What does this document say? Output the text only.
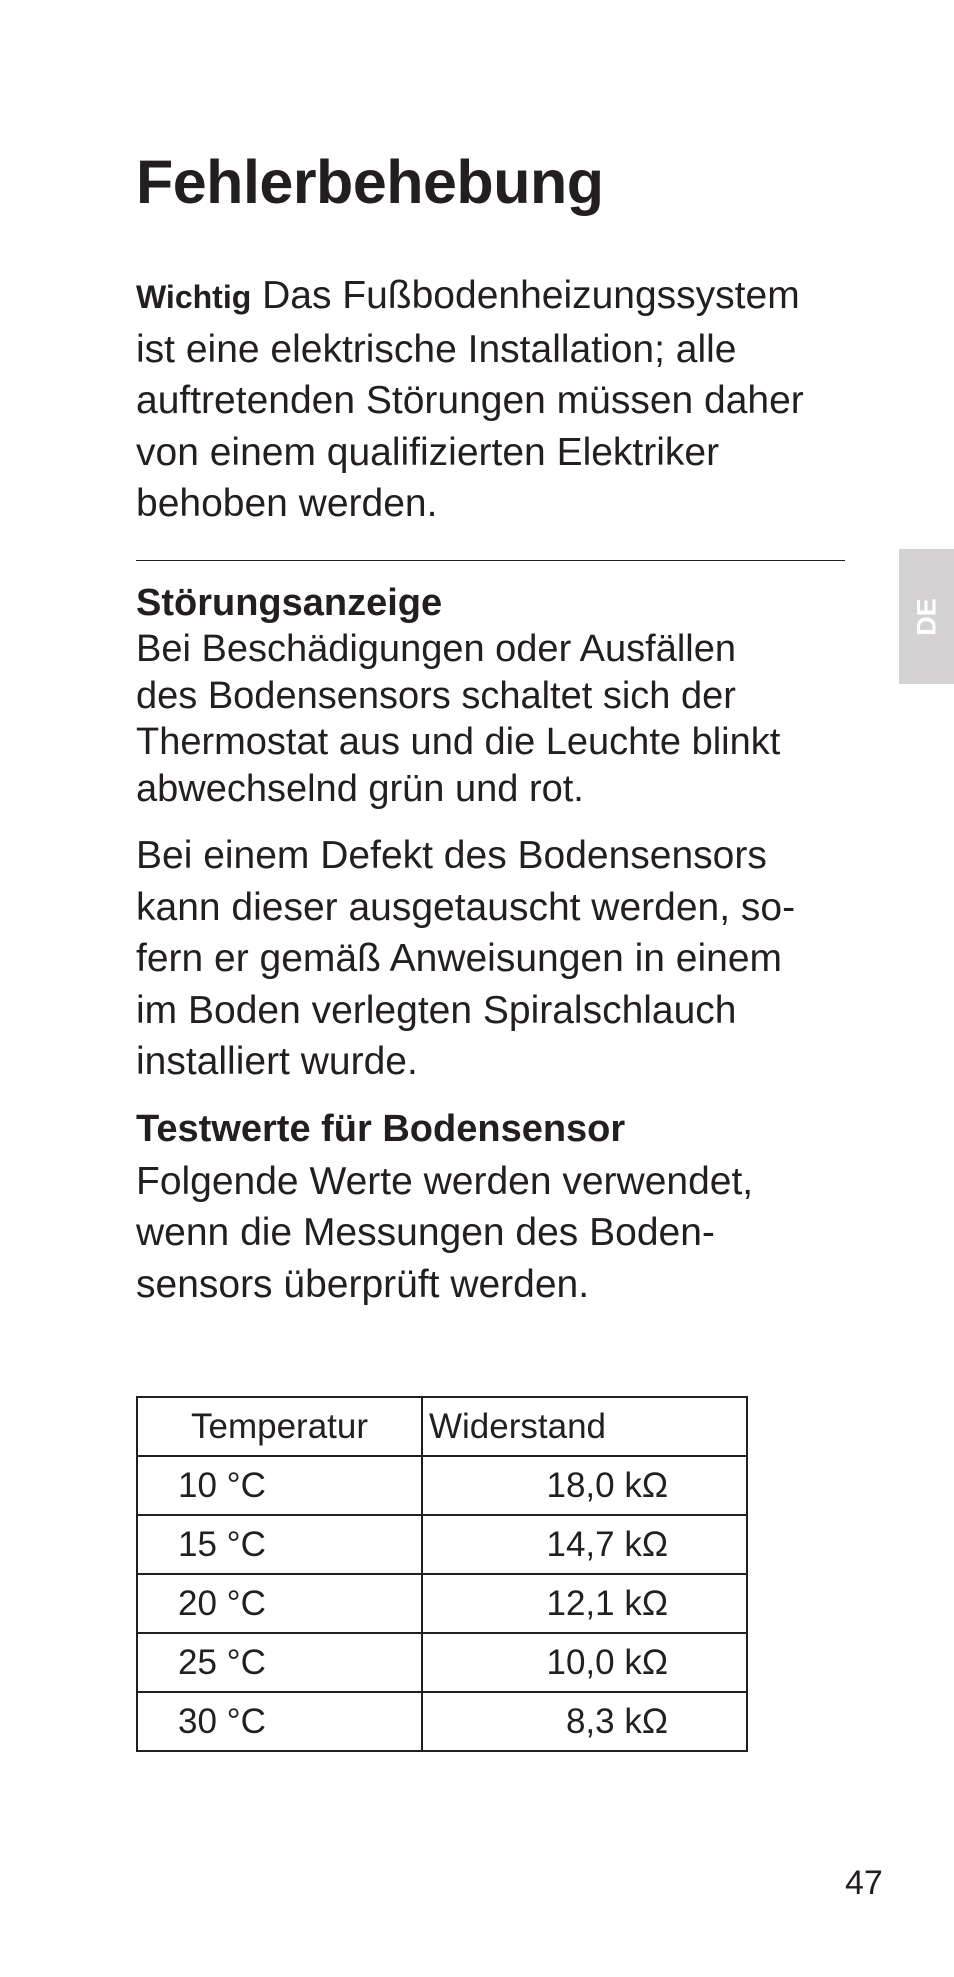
Fehlerbehebung

Wichtig Das Fußbodenheizungssystem
ist eine elektrische Installation; alle
auftretenden Störungen müssen daher
von einem qualifizierten Elektriker
behoben werden.

Störungsanzeige

Bei Beschädigungen oder Ausfällen
des Bodensensors schaltet sich der
Thermostat aus und die Leuchte blinkt
abwechselnd grün und rot.

Bei einem Defekt des Bodensensors
kann dieser ausgetauscht werden, so-
fern er gemäß Anweisungen in einem
im Boden verlegten Spiralschlauch
installiert wurde.

Testwerte für Bodensensor

Folgende Werte werden verwendet,
wenn die Messungen des Boden-
sensors überprüft werden.

Temperatur	Widerstand
10 °C	18,0 kΩ
15 °C	14,7 kΩ
20 °C	12,1 kΩ
25 °C	10,0 kΩ
30 °C	8,3 kΩ
DE
47
